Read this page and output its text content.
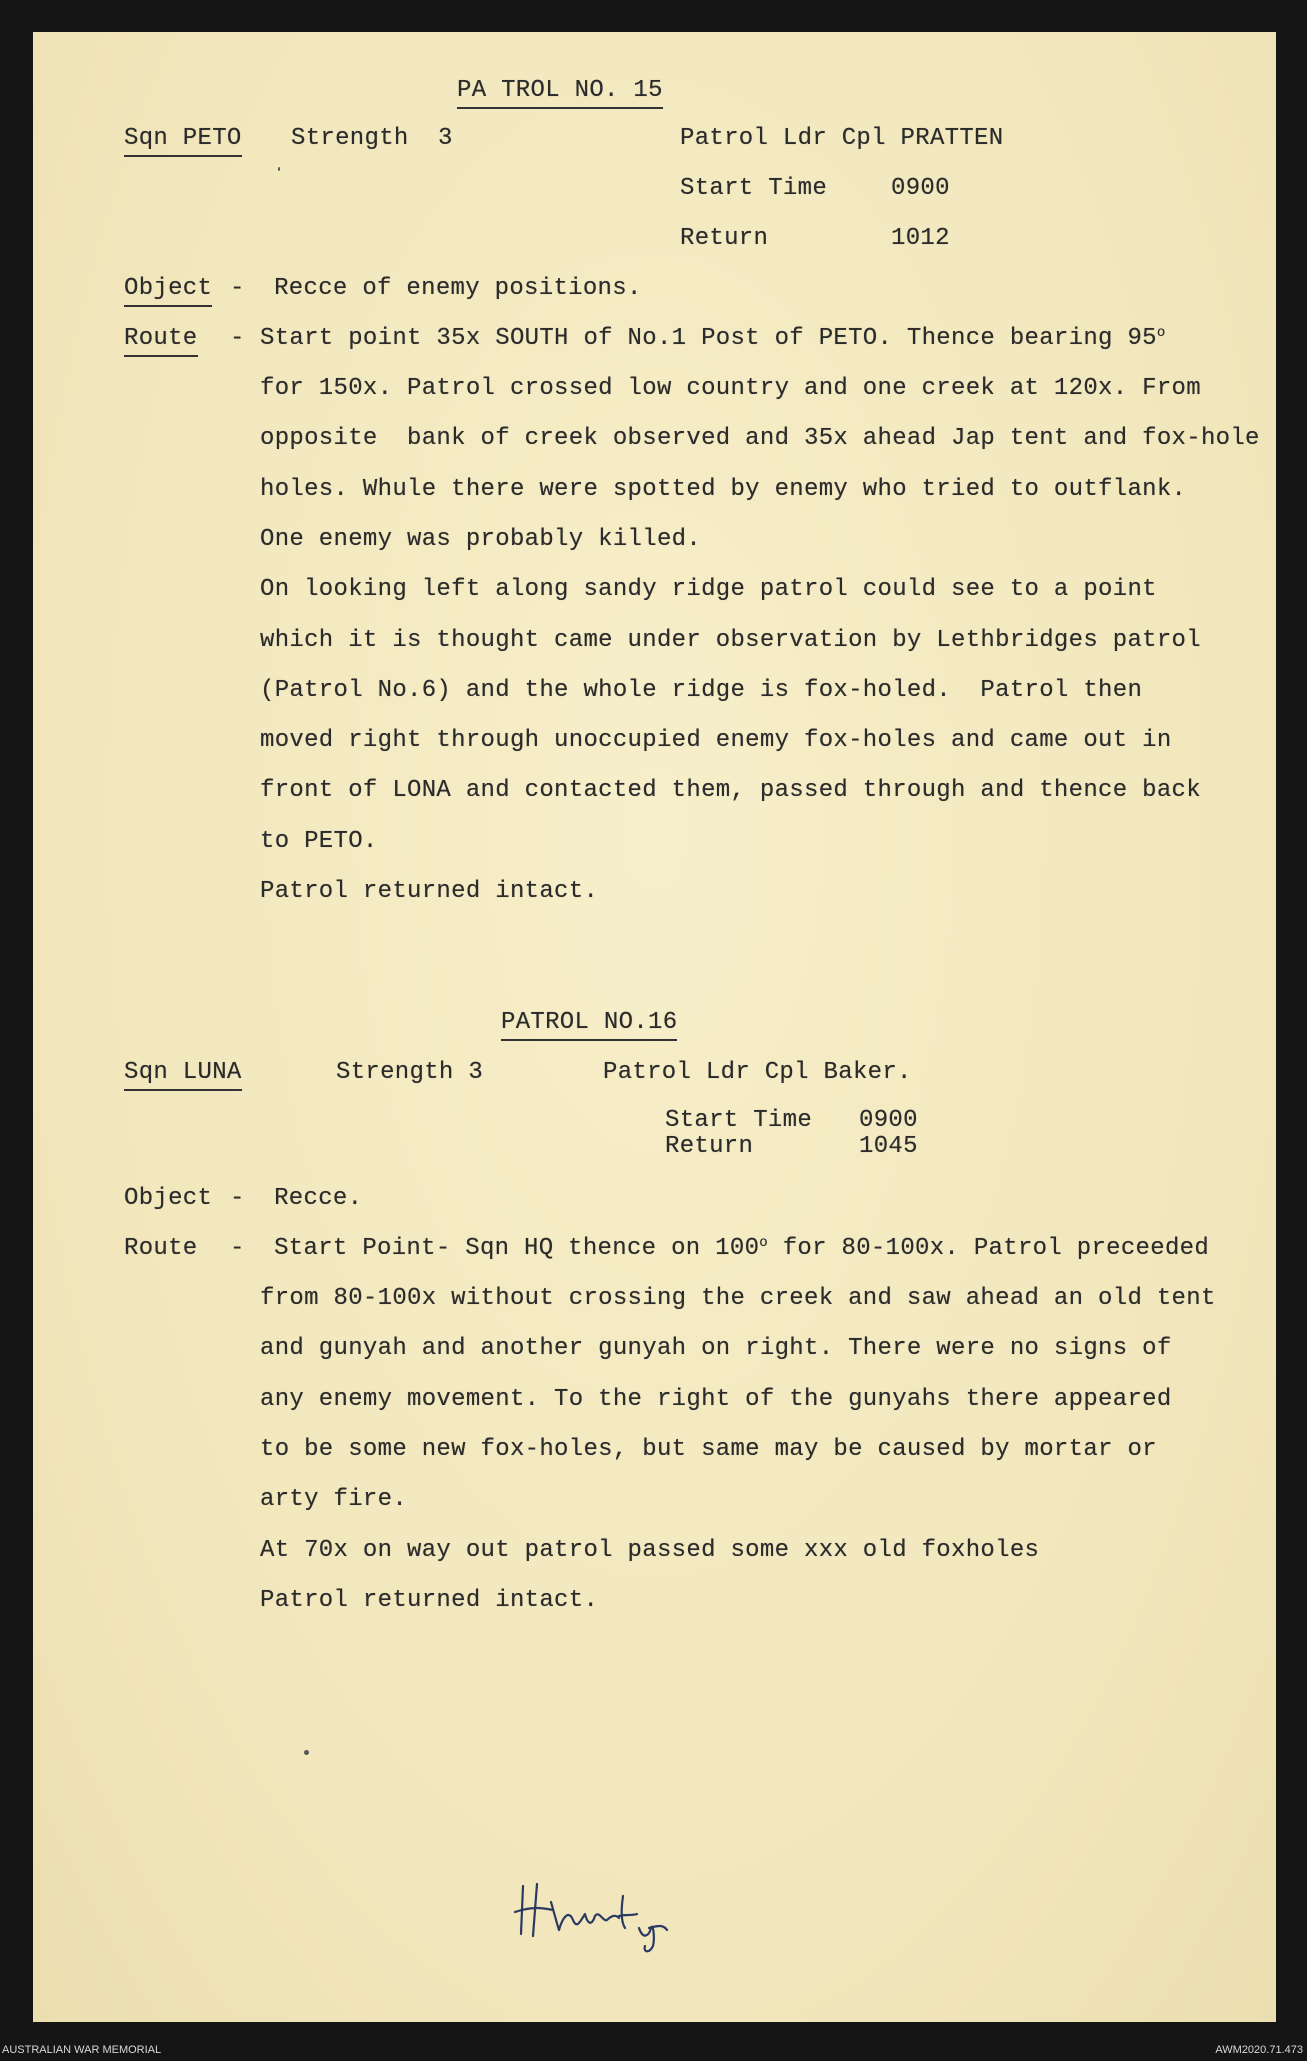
PA TROL NO. 15
Sqn PETO Strength  3	Patrol Ldr Cpl PRATTEN
Start Time	0900
Return	1012
Object -  Recce of enemy positions.
Route - Start point 35x SOUTH of No.1 Post of PETO. Thence bearing 95$^o$
for 150x. Patrol crossed low country and one creek at 120x. From
opposite  bank of creek observed and 35x ahead Jap tent and fox-hole
holes. Whule there were spotted by enemy who tried to outflank.
One enemy was probably killed.
On looking left along sandy ridge patrol could see to a point
which it is thought came under observation by Lethbridges patrol
(Patrol No.6) and the whole ridge is fox-holed.  Patrol then
moved right through unoccupied enemy fox-holes and came out in
front of LONA and contacted them, passed through and thence back
to PETO.
Patrol returned intact.
PATROL NO.16
Sqn LUNA	Strength 3	Patrol Ldr Cpl Baker.
Start Time 0900
Return	1045
Object -  Recce.
Route -  Start Point- Sqn HQ thence on 100$^o$ for 80-100x. Patrol preceeded
from 80-100x without crossing the creek and saw ahead an old tent
and gunyah and another gunyah on right. There were no signs of
any enemy movement. To the right of the gunyahs there appeared
to be some new fox-holes, but same may be caused by mortar or
arty fire.
At 70x on way out patrol passed some xxx old foxholes
Patrol returned intact.
AUSTRALIAN WAR MEMORIAL	AWM2020.71.473
